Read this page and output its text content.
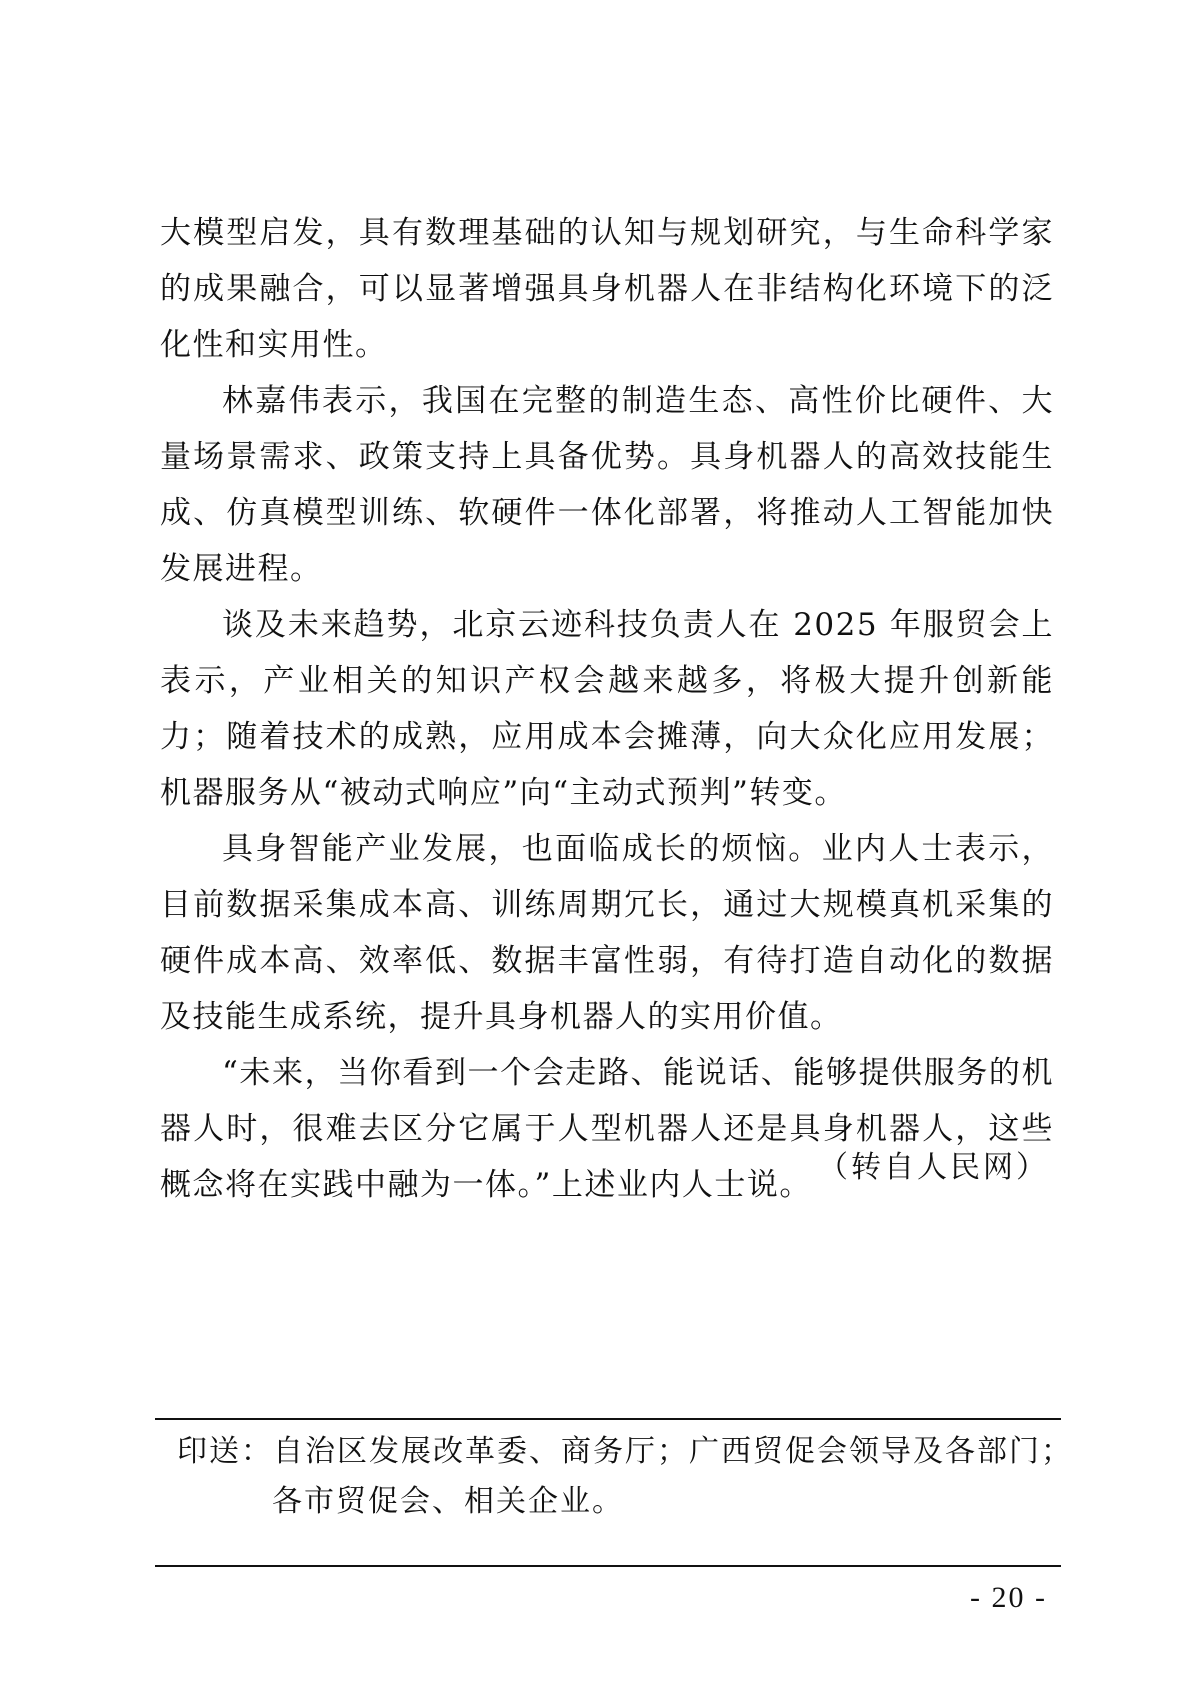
大模型启发，具有数理基础的认知与规划研究，与生命科学家的成果融合，可以显著增强具身机器人在非结构化环境下的泛化性和实用性。

林嘉伟表示，我国在完整的制造生态、高性价比硬件、大量场景需求、政策支持上具备优势。具身机器人的高效技能生成、仿真模型训练、软硬件一体化部署，将推动人工智能加快发展进程。

谈及未来趋势，北京云迹科技负责人在 2025 年服贸会上表示，产业相关的知识产权会越来越多，将极大提升创新能力；随着技术的成熟，应用成本会摊薄，向大众化应用发展；机器服务从“被动式响应”向“主动式预判”转变。

具身智能产业发展，也面临成长的烦恼。业内人士表示，目前数据采集成本高、训练周期冗长，通过大规模真机采集的硬件成本高、效率低、数据丰富性弱，有待打造自动化的数据及技能生成系统，提升具身机器人的实用价值。

“未来，当你看到一个会走路、能说话、能够提供服务的机器人时，很难去区分它属于人型机器人还是具身机器人，这些概念将在实践中融为一体。”上述业内人士说。 （转自人民网）
印送： 自治区发展改革委、商务厅；广西贸促会领导及各部门；
各市贸促会、相关企业。
- 20 -
